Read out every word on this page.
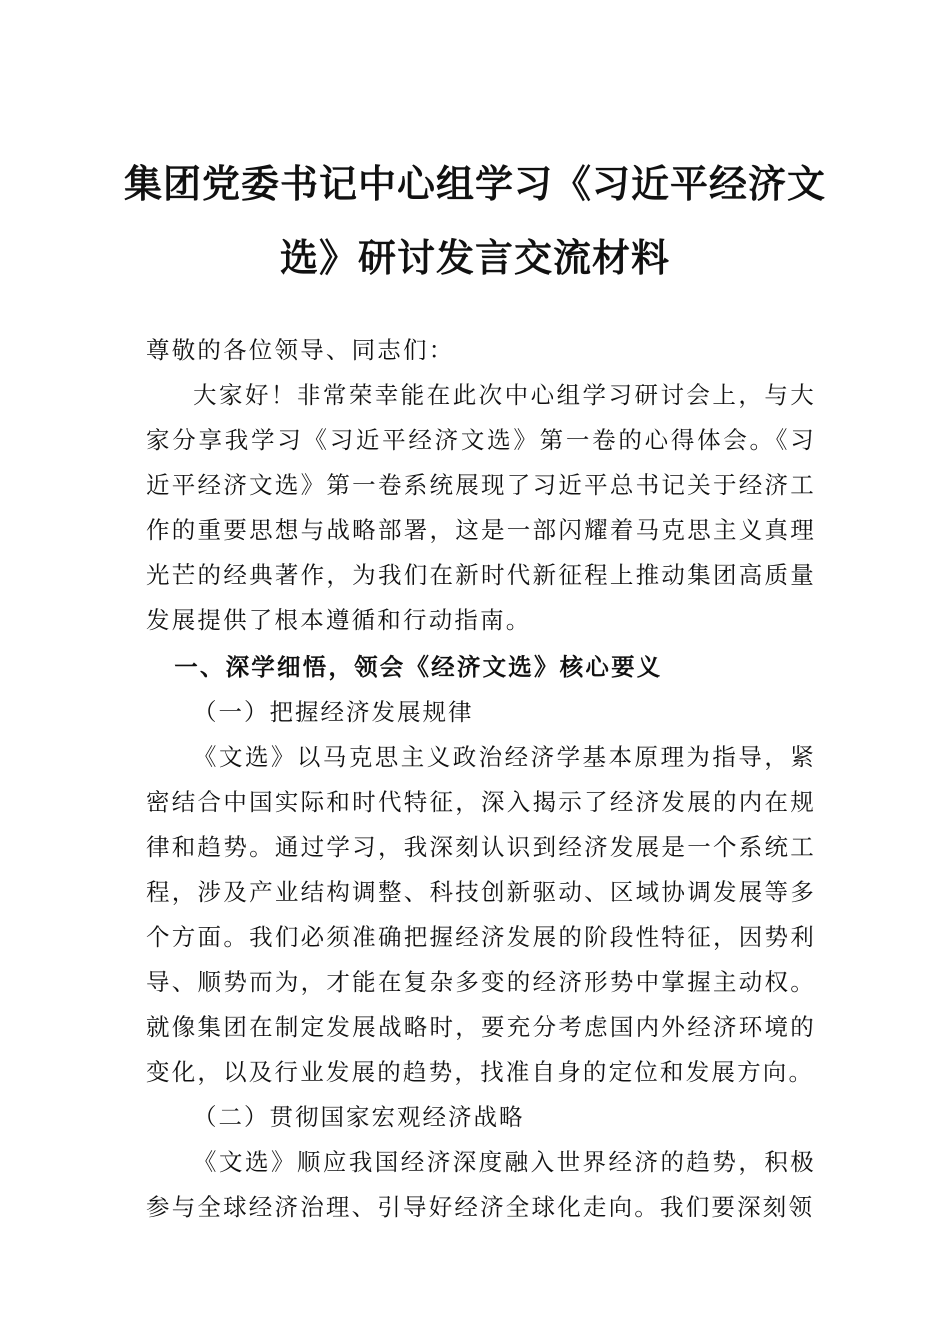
集团党委书记中心组学习《习近平经济文
选》研讨发言交流材料

尊敬的各位领导、同志们：

大家好！非常荣幸能在此次中心组学习研讨会上，与大家分享我学习《习近平经济文选》第一卷的心得体会。《习近平经济文选》第一卷系统展现了习近平总书记关于经济工作的重要思想与战略部署，这是一部闪耀着马克思主义真理光芒的经典著作，为我们在新时代新征程上推动集团高质量发展提供了根本遵循和行动指南。

一、深学细悟，领会《经济文选》核心要义

（一）把握经济发展规律

《文选》以马克思主义政治经济学基本原理为指导，紧密结合中国实际和时代特征，深入揭示了经济发展的内在规律和趋势。通过学习，我深刻认识到经济发展是一个系统工程，涉及产业结构调整、科技创新驱动、区域协调发展等多个方面。我们必须准确把握经济发展的阶段性特征，因势利导、顺势而为，才能在复杂多变的经济形势中掌握主动权。就像集团在制定发展战略时，要充分考虑国内外经济环境的变化，以及行业发展的趋势，找准自身的定位和发展方向。

（二）贯彻国家宏观经济战略

《文选》顺应我国经济深度融入世界经济的趋势，积极参与全球经济治理、引导好经济全球化走向。我们要深刻领
